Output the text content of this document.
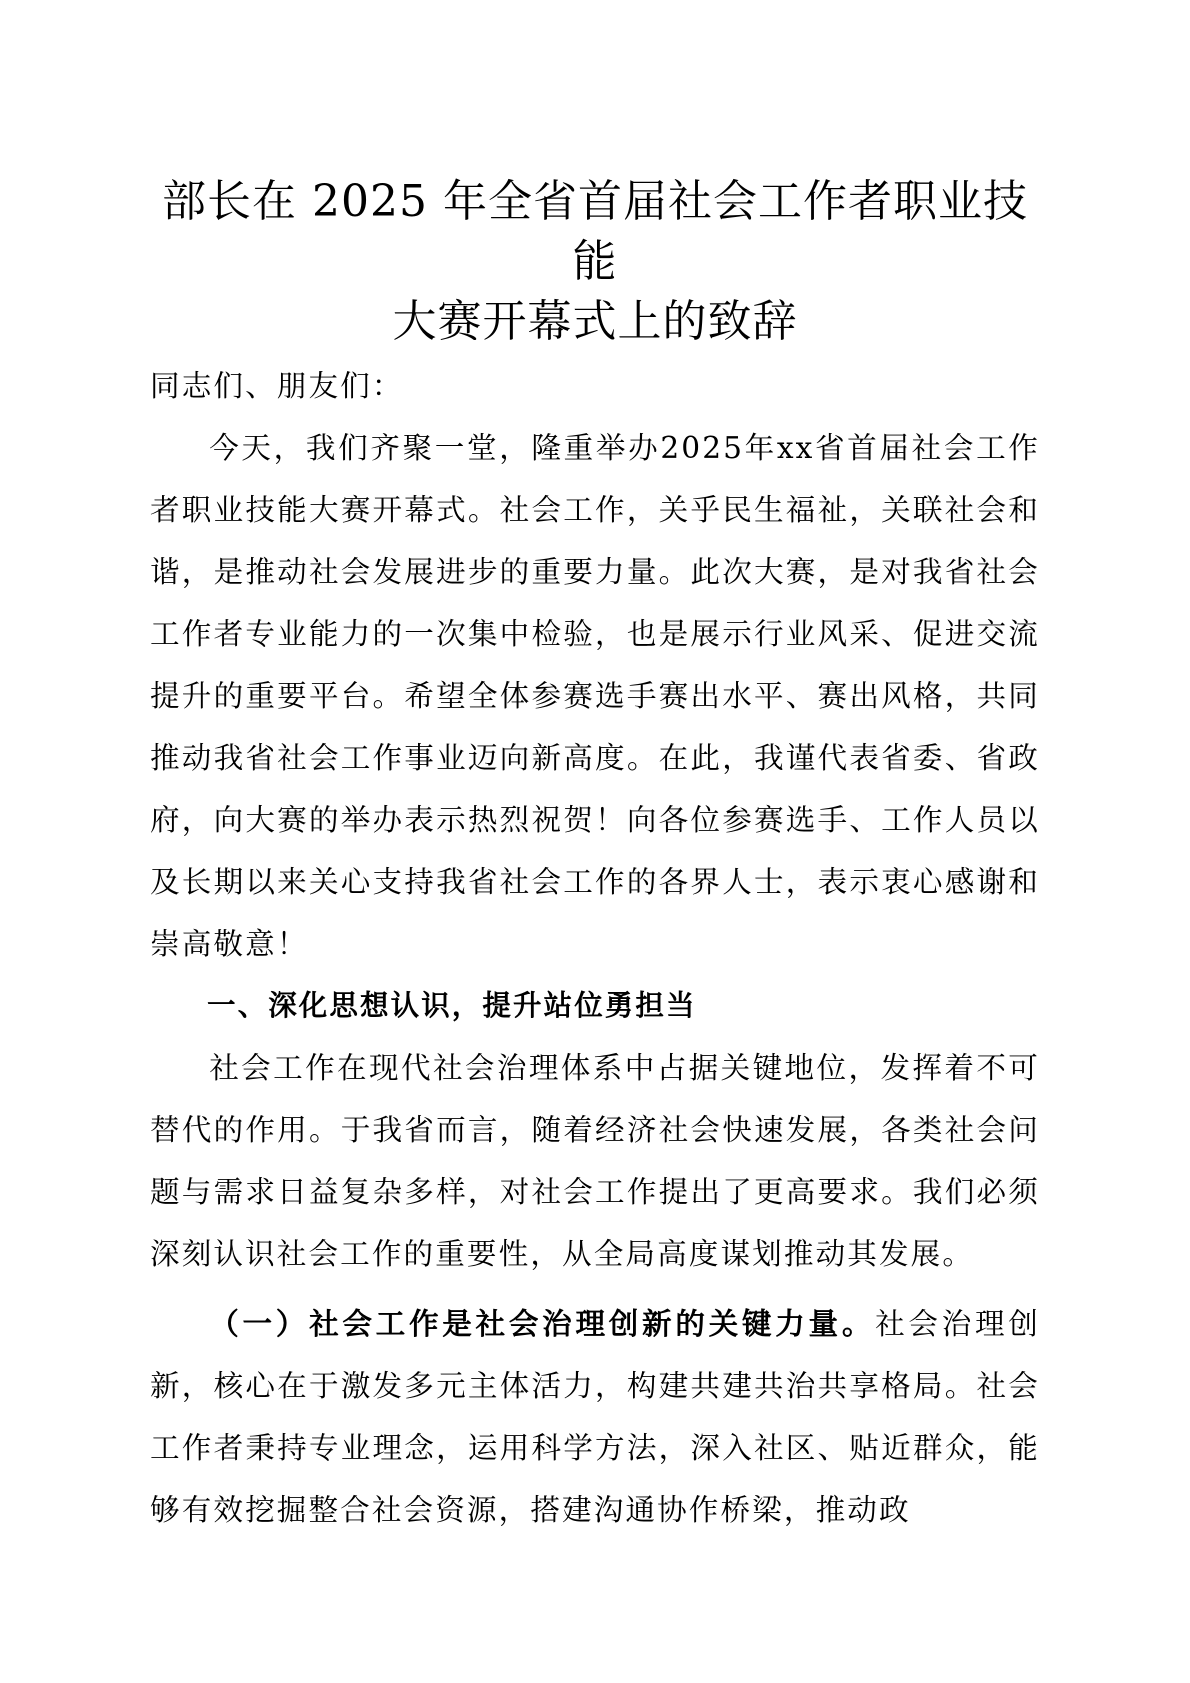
部长在 2025 年全省首届社会工作者职业技能
大赛开幕式上的致辞

同志们、朋友们：

今天，我们齐聚一堂，隆重举办2025年xx省首届社会工作者职业技能大赛开幕式。社会工作，关乎民生福祉，关联社会和谐，是推动社会发展进步的重要力量。此次大赛，是对我省社会工作者专业能力的一次集中检验，也是展示行业风采、促进交流提升的重要平台。希望全体参赛选手赛出水平、赛出风格，共同推动我省社会工作事业迈向新高度。在此，我谨代表省委、省政府，向大赛的举办表示热烈祝贺！向各位参赛选手、工作人员以及长期以来关心支持我省社会工作的各界人士，表示衷心感谢和崇高敬意！

一、深化思想认识，提升站位勇担当

社会工作在现代社会治理体系中占据关键地位，发挥着不可替代的作用。于我省而言，随着经济社会快速发展，各类社会问题与需求日益复杂多样，对社会工作提出了更高要求。我们必须深刻认识社会工作的重要性，从全局高度谋划推动其发展。

（一）社会工作是社会治理创新的关键力量。社会治理创新，核心在于激发多元主体活力，构建共建共治共享格局。社会工作者秉持专业理念，运用科学方法，深入社区、贴近群众，能够有效挖掘整合社会资源，搭建沟通协作桥梁，推动政
